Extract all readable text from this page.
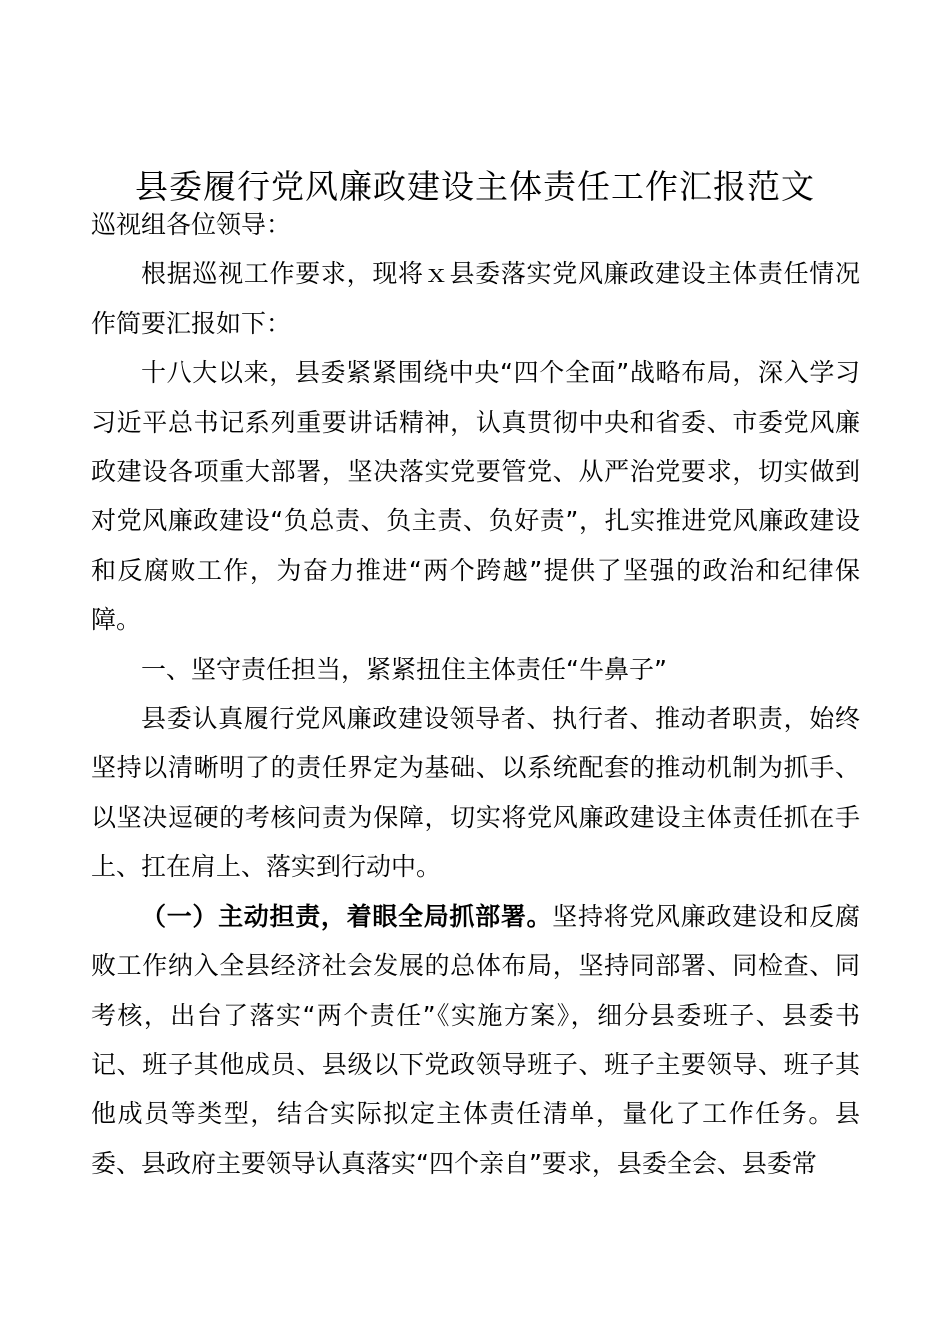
县委履行党风廉政建设主体责任工作汇报范文

巡视组各位领导：

根据巡视工作要求，现将ｘ县委落实党风廉政建设主体责任情况作简要汇报如下：

十八大以来，县委紧紧围绕中央“四个全面”战略布局，深入学习习近平总书记系列重要讲话精神，认真贯彻中央和省委、市委党风廉政建设各项重大部署，坚决落实党要管党、从严治党要求，切实做到对党风廉政建设“负总责、负主责、负好责”，扎实推进党风廉政建设和反腐败工作，为奋力推进“两个跨越”提供了坚强的政治和纪律保障。

一、坚守责任担当，紧紧扭住主体责任“牛鼻子”

县委认真履行党风廉政建设领导者、执行者、推动者职责，始终坚持以清晰明了的责任界定为基础、以系统配套的推动机制为抓手、以坚决逗硬的考核问责为保障，切实将党风廉政建设主体责任抓在手上、扛在肩上、落实到行动中。

（一）主动担责，着眼全局抓部署。坚持将党风廉政建设和反腐败工作纳入全县经济社会发展的总体布局，坚持同部署、同检查、同考核，出台了落实“两个责任”《实施方案》，细分县委班子、县委书记、班子其他成员、县级以下党政领导班子、班子主要领导、班子其他成员等类型，结合实际拟定主体责任清单，量化了工作任务。县委、县政府主要领导认真落实“四个亲自”要求，县委全会、县委常
